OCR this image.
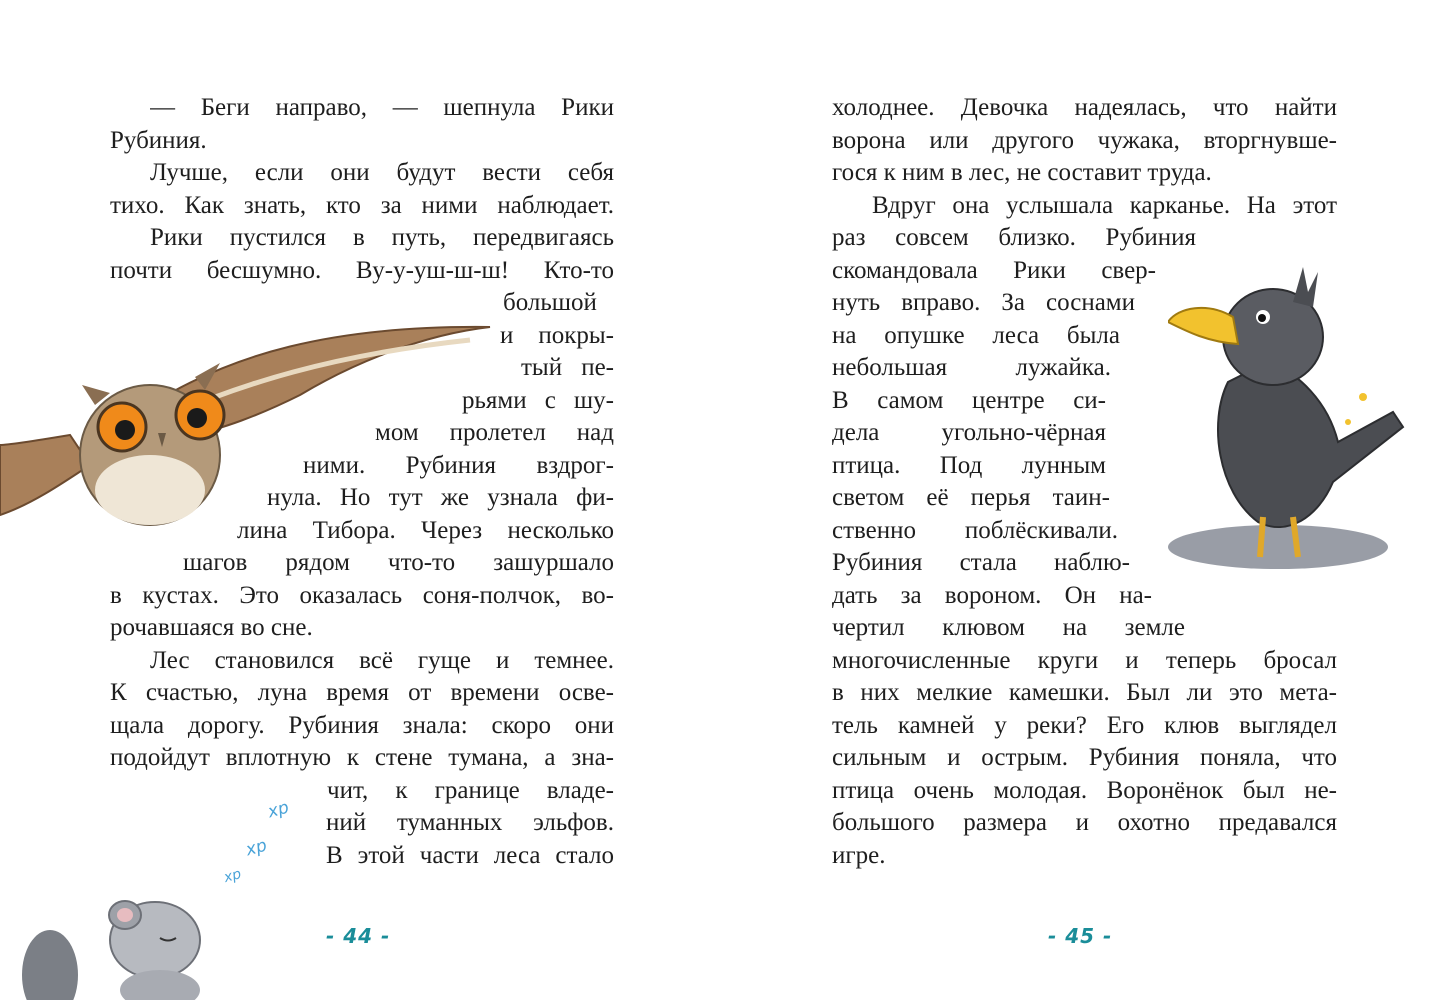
хр
хр
хр
- 44 -
— Беги направо, — шепнула Рики
Рубиния.
Лучше, если они будут вести себя
тихо. Как знать, кто за ними наблюдает.
Рики пустился в путь, передвигаясь
почти бесшумно. Ву-у-уш-ш-ш! Кто-то
большой
и покры-
тый пе-
рьями с шу-
мом пролетел над
ними. Рубиния вздрог-
нула. Но тут же узнала фи-
лина Тибора. Через несколько
шагов рядом что-то зашуршало
в кустах. Это оказалась соня-полчок, во-
рочавшаяся во сне.
Лес становился всё гуще и темнее.
К счастью, луна время от времени осве-
щала дорогу. Рубиния знала: скоро они
подойдут вплотную к стене тумана, а зна-
чит, к границе владе-
ний туманных эльфов.
В этой части леса стало
- 45 -
холоднее. Девочка надеялась, что найти
ворона или другого чужака, вторгнувше-
гося к ним в лес, не составит труда.
Вдруг она услышала карканье. На этот
раз совсем близко. Рубиния
скомандовала Рики свер-
нуть вправо. За соснами
на опушке леса была
небольшая лужайка.
В самом центре си-
дела угольно-чёрная
птица. Под лунным
светом её перья таин-
ственно поблёскивали.
Рубиния стала наблю-
дать за вороном. Он на-
чертил клювом на земле
многочисленные круги и теперь бросал
в них мелкие камешки. Был ли это мета-
тель камней у реки? Его клюв выглядел
сильным и острым. Рубиния поняла, что
птица очень молодая. Воронёнок был не-
большого размера и охотно предавался
игре.
